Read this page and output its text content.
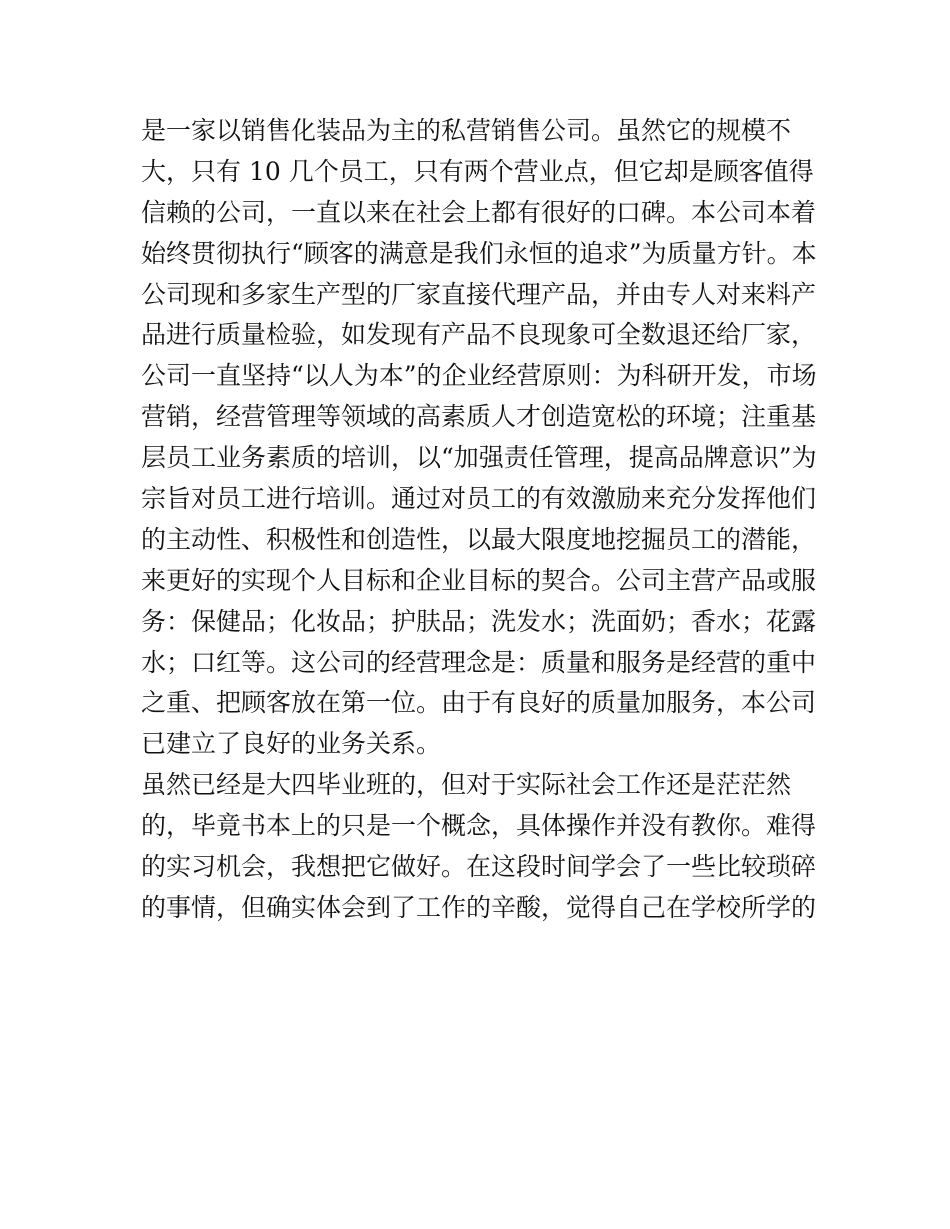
是一家以销售化装品为主的私营销售公司。虽然它的规模不
大，只有 10 几个员工，只有两个营业点，但它却是顾客值得
信赖的公司，一直以来在社会上都有很好的口碑。本公司本着
始终贯彻执行“顾客的满意是我们永恒的追求”为质量方针。本
公司现和多家生产型的厂家直接代理产品，并由专人对来料产
品进行质量检验，如发现有产品不良现象可全数退还给厂家，
公司一直坚持“以人为本”的企业经营原则：为科研开发，市场
营销，经营管理等领域的高素质人才创造宽松的环境；注重基
层员工业务素质的培训，以“加强责任管理，提高品牌意识”为
宗旨对员工进行培训。通过对员工的有效激励来充分发挥他们
的主动性、积极性和创造性，以最大限度地挖掘员工的潜能，
来更好的实现个人目标和企业目标的契合。公司主营产品或服
务：保健品；化妆品；护肤品；洗发水；洗面奶；香水；花露
水；口红等。这公司的经营理念是：质量和服务是经营的重中
之重、把顾客放在第一位。由于有良好的质量加服务，本公司
已建立了良好的业务关系。
虽然已经是大四毕业班的，但对于实际社会工作还是茫茫然
的，毕竟书本上的只是一个概念，具体操作并没有教你。难得
的实习机会，我想把它做好。在这段时间学会了一些比较琐碎
的事情，但确实体会到了工作的辛酸，觉得自己在学校所学的
